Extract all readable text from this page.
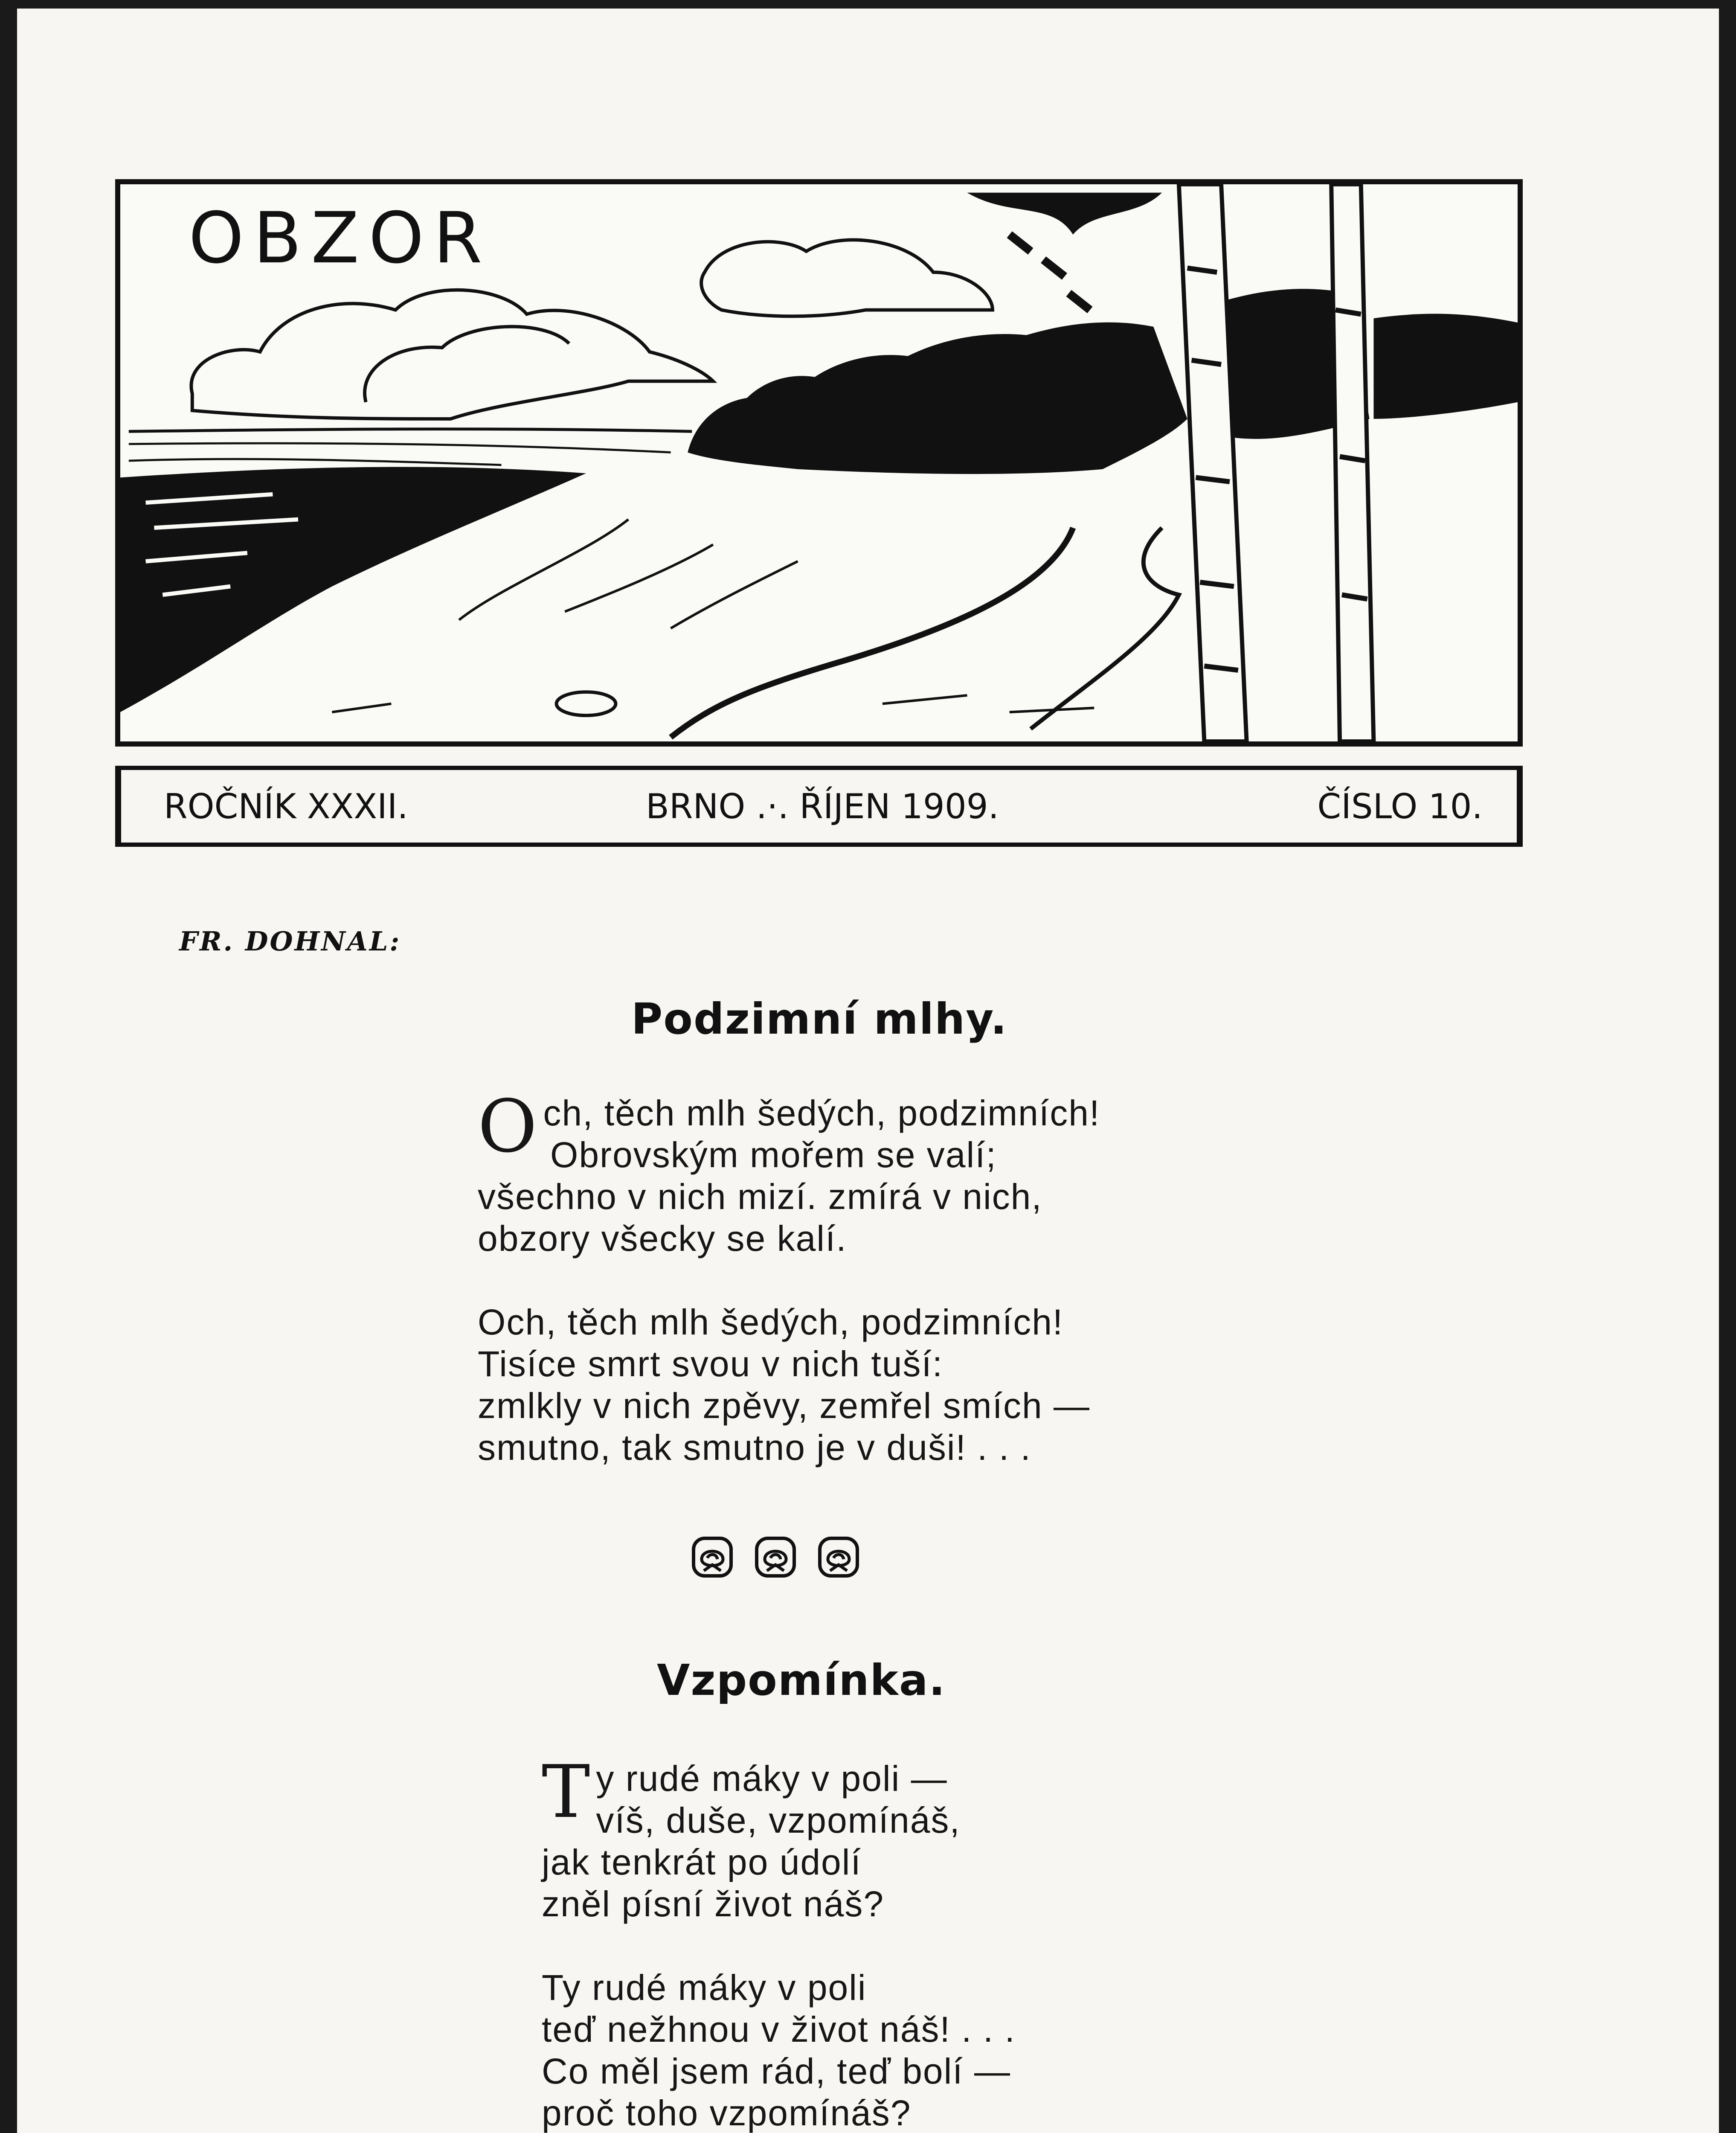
OBZOR
ROČNÍK XXXII.	BRNO .·. ŘÍJEN 1909.	ČÍSLO 10.
FR. DOHNAL:
Podzimní mlhy.
O ch, těch mlh šedých, podzimních!
Obrovským mořem se valí;
všechno v nich mizí. zmírá v nich,
obzory všecky se kalí.
Och, těch mlh šedých, podzimních!
Tisíce smrt svou v nich tuší:
zmlkly v nich zpěvy, zemřel smích —
smutno, tak smutno je v duši! . . .
Vzpomínka.
T y rudé máky v poli —
víš, duše, vzpomínáš,
jak tenkrát po údolí
zněl písní život náš?
Ty rudé máky v poli
teď nežhnou v život náš! . . .
Co měl jsem rád, teď bolí —
proč toho vzpomínáš?
